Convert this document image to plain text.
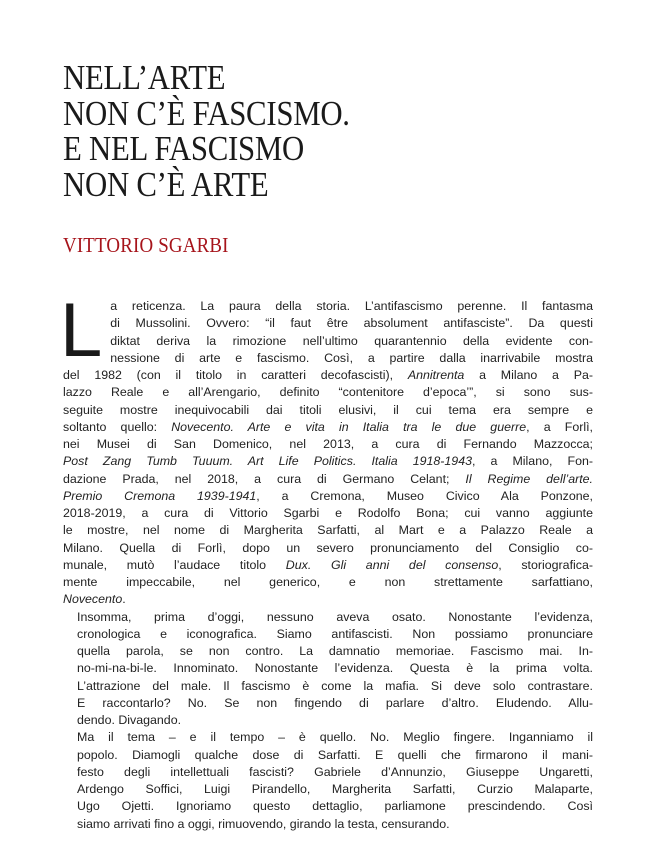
NELL’ARTE
NON C’È FASCISMO.
E NEL FASCISMO
NON C’È ARTE
VITTORIO SGARBI

L a reticenza. La paura della storia. L’antifascismo perenne. Il fantasma
di Mussolini. Ovvero: “il faut être absolument antifasciste”. Da questi
diktat deriva la rimozione nell’ultimo quarantennio della evidente con-
nessione di arte e fascismo. Così, a partire dalla inarrivabile mostra
del 1982 (con il titolo in caratteri decofascisti), Annitrenta a Milano a Pa-
lazzo Reale e all’Arengario, definito “contenitore d’epoca’”, si sono sus-
seguite mostre inequivocabili dai titoli elusivi, il cui tema era sempre e
soltanto quello: Novecento. Arte e vita in Italia tra le due guerre, a Forlì,
nei Musei di San Domenico, nel 2013, a cura di Fernando Mazzocca;
Post Zang Tumb Tuuum. Art Life Politics. Italia 1918-1943, a Milano, Fon-
dazione Prada, nel 2018, a cura di Germano Celant; Il Regime dell’arte.
Premio Cremona 1939-1941, a Cremona, Museo Civico Ala Ponzone,
2018-2019, a cura di Vittorio Sgarbi e Rodolfo Bona; cui vanno aggiunte
le mostre, nel nome di Margherita Sarfatti, al Mart e a Palazzo Reale a
Milano. Quella di Forlì, dopo un severo pronunciamento del Consiglio co-
munale, mutò l’audace titolo Dux. Gli anni del consenso, storiografica-
mente impeccabile, nel generico, e non strettamente sarfattiano,
Novecento.

Insomma, prima d’oggi, nessuno aveva osato. Nonostante l’evidenza,
cronologica e iconografica. Siamo antifascisti. Non possiamo pronunciare
quella parola, se non contro. La damnatio memoriae. Fascismo mai. In-
no-mi-na-bi-le. Innominato. Nonostante l’evidenza. Questa è la prima volta.
L’attrazione del male. Il fascismo è come la mafia. Si deve solo contrastare.
E raccontarlo? No. Se non fingendo di parlare d’altro. Eludendo. Allu-
dendo. Divagando.

Ma il tema – e il tempo – è quello. No. Meglio fingere. Inganniamo il
popolo. Diamogli qualche dose di Sarfatti. E quelli che firmarono il mani-
festo degli intellettuali fascisti? Gabriele d’Annunzio, Giuseppe Ungaretti,
Ardengo Soffici, Luigi Pirandello, Margherita Sarfatti, Curzio Malaparte,
Ugo Ojetti. Ignoriamo questo dettaglio, parliamone prescindendo. Così
siamo arrivati fino a oggi, rimuovendo, girando la testa, censurando.
